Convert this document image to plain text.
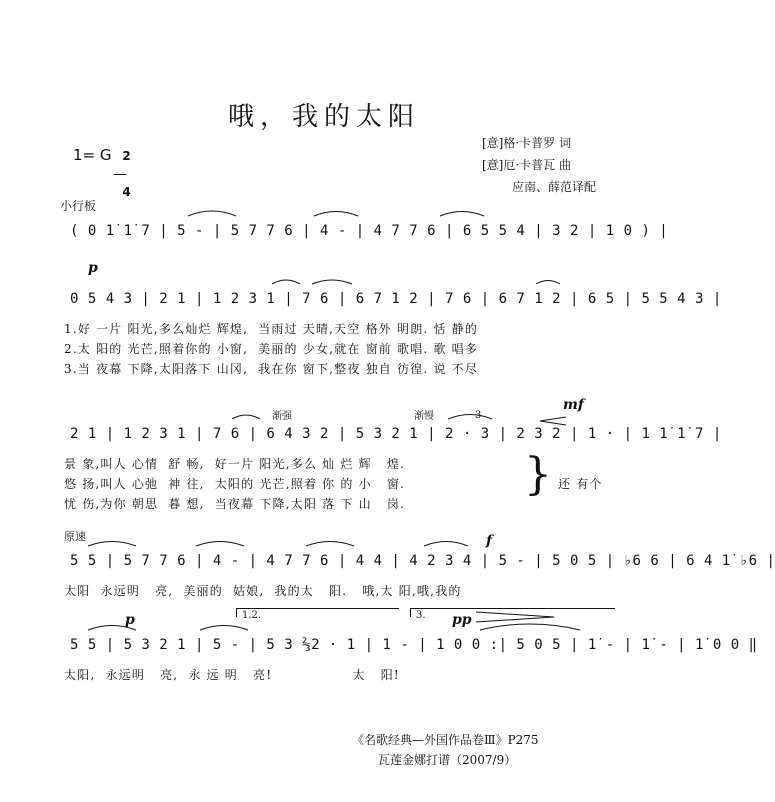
哦，我的太阳
[意]格·卡普罗 词
[意]厄·卡普瓦 曲
应南、薛范译配
1= G 2

4

小行板
( 0 1̇ 1̇ 7 | 5 - | 5 7 7 6 | 4 - | 4 7 7 6 | 6 5 5 4 | 3 2 | 1 0 ) |
p
0 5 4 3 | 2 1 | 1 2 3 1 | 7 6 | 6 7 1 2 | 7 6 | 6 7 1 2 | 6 5 | 5 5 4 3 |
1.好 一片 阳光,多么灿烂 辉煌,  当雨过 天晴,天空 格外 明朗. 恬 静的
2.太 阳的 光芒,照着你的 小窗,  美丽的 少女,就在 窗前 歌唱. 歌 唱多
3.当 夜幕 下降,太阳落下 山冈,  我在你 窗下,整夜 独自 彷徨. 说 不尽
渐强	渐慢	3
mf
2 1 | 1 2 3 1 | 7 6 | 6 4 3 2 | 5 3 2 1 | 2 · 3 | 2 3 2 | 1 · | 1 1̇ 1̇ 7 |
景 象,叫人 心情  舒 畅,  好一片 阳光,多么 灿 烂 辉   煌.
悠 扬,叫人 心弛  神 往,  太阳的 光芒,照着 你 的 小   窗.
忧 伤,为你 朝思  暮 想,  当夜幕 下降,太阳 落 下 山   岗.
} 还 有个
原速	f
5 5 | 5 7 7 6 | 4 - | 4 7 7 6 | 4 4 | 4 2 3 4 | 5 - | 5 0 5 | ♭6 6 | 6 4 1̇ ♭6 |
太阳  永远明   亮,  美丽的  姑娘,  我的太   阳.   哦,太 阳,哦,我的
p	1.2.	3. pp
5 5 | 5 3 2 1 | 5 - | 5 3 ⅔2 · 1 | 1 - | 1 0 0 :| 5 0 5 | 1̇ - | 1̇ - | 1̇ 0 0 ‖
太阳,  永远明   亮,  永 远 明   亮!                太   阳!
《名歌经典—外国作品卷Ⅲ》P275
瓦莲金娜打谱（2007/9）
